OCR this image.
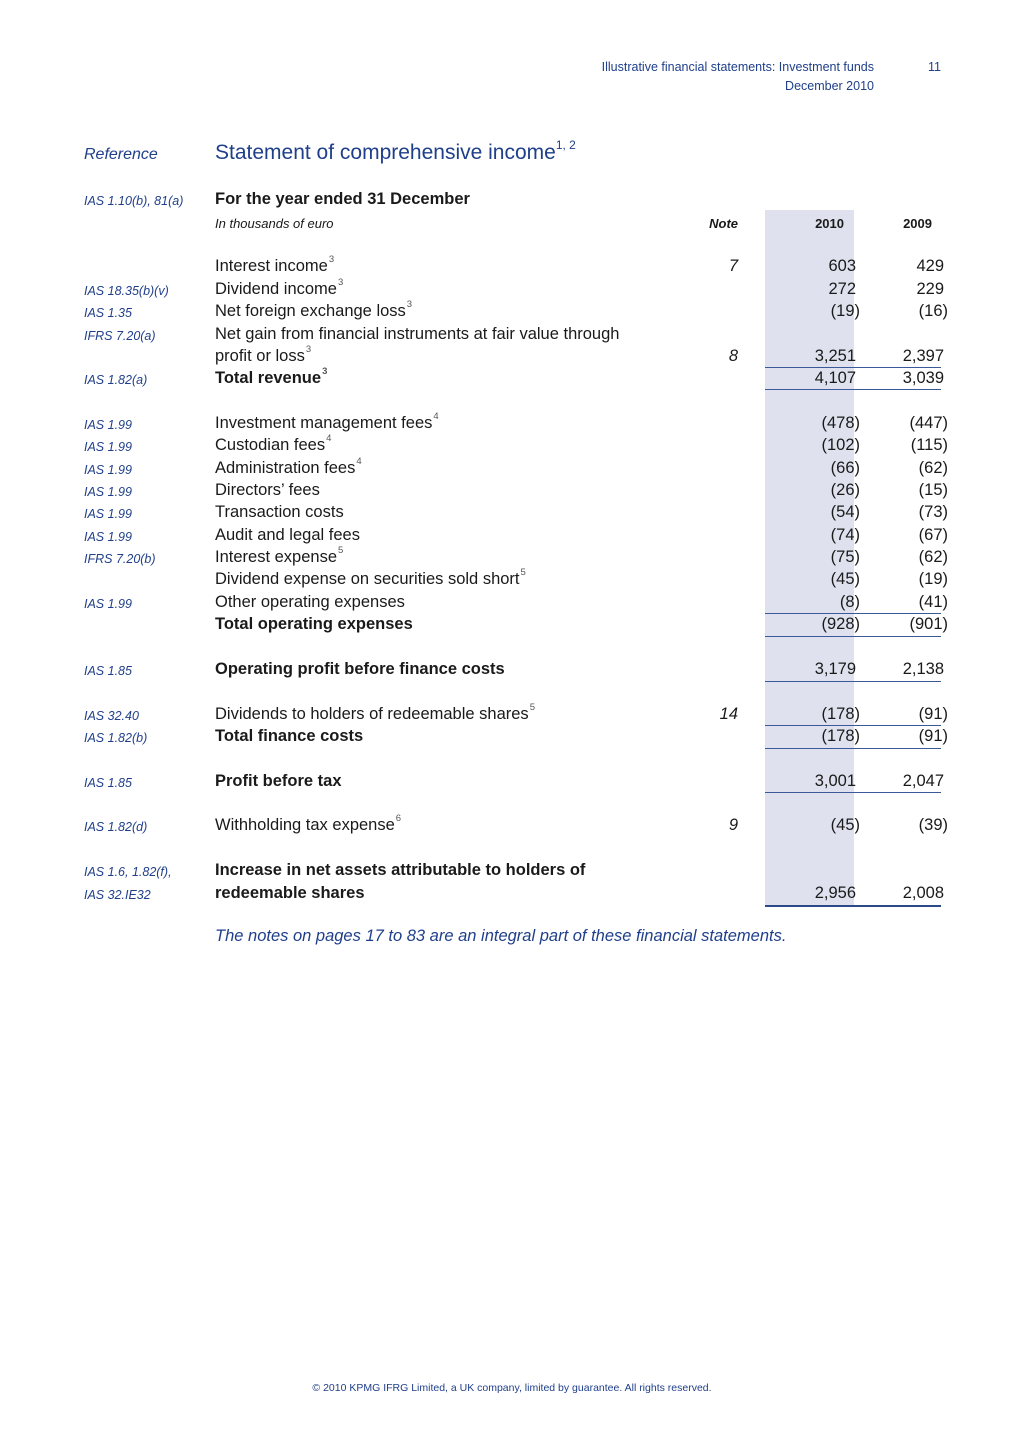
Illustrative financial statements: Investment funds
December 2010
11
Reference	Statement of comprehensive income$^{1, 2}$
IAS 1.10(b), 81(a) For the year ended 31 December
In thousands of euro	Note	2010	2009
Interest income$^3$	7	603	429
IAS 18.35(b)(v)	Dividend income$^3$	272	229
IAS 1.35	Net foreign exchange loss$^3$	(19)	(16)
IFRS 7.20(a)	Net gain from financial instruments at fair value through
profit or loss$^3$	8	3,251	2,397
IAS 1.82(a)	Total revenue$^3$	4,107	3,039
IAS 1.99	Investment management fees$^4$	(478)	(447)
IAS 1.99	Custodian fees$^4$	(102)	(115)
IAS 1.99	Administration fees$^4$	(66)	(62)
IAS 1.99	Directors’ fees	(26)	(15)
IAS 1.99	Transaction costs	(54)	(73)
IAS 1.99	Audit and legal fees	(74)	(67)
IFRS 7.20(b)	Interest expense$^5$	(75)	(62)
Dividend expense on securities sold short$^5$	(45)	(19)
IAS 1.99	Other operating expenses	(8)	(41)
Total operating expenses	(928)	(901)
IAS 1.85	Operating profit before finance costs	3,179	2,138
IAS 32.40	Dividends to holders of redeemable shares$^5$	14	(178)	(91)
IAS 1.82(b)	Total finance costs	(178)	(91)
IAS 1.85	Profit before tax	3,001	2,047
IAS 1.82(d)	Withholding tax expense$^6$	9	(45)	(39)
IAS 1.6, 1.82(f),	Increase in net assets attributable to holders of
IAS 32.IE32	redeemable shares	2,956	2,008
The notes on pages 17 to 83 are an integral part of these financial statements.
© 2010 KPMG IFRG Limited, a UK company, limited by guarantee. All rights reserved.
